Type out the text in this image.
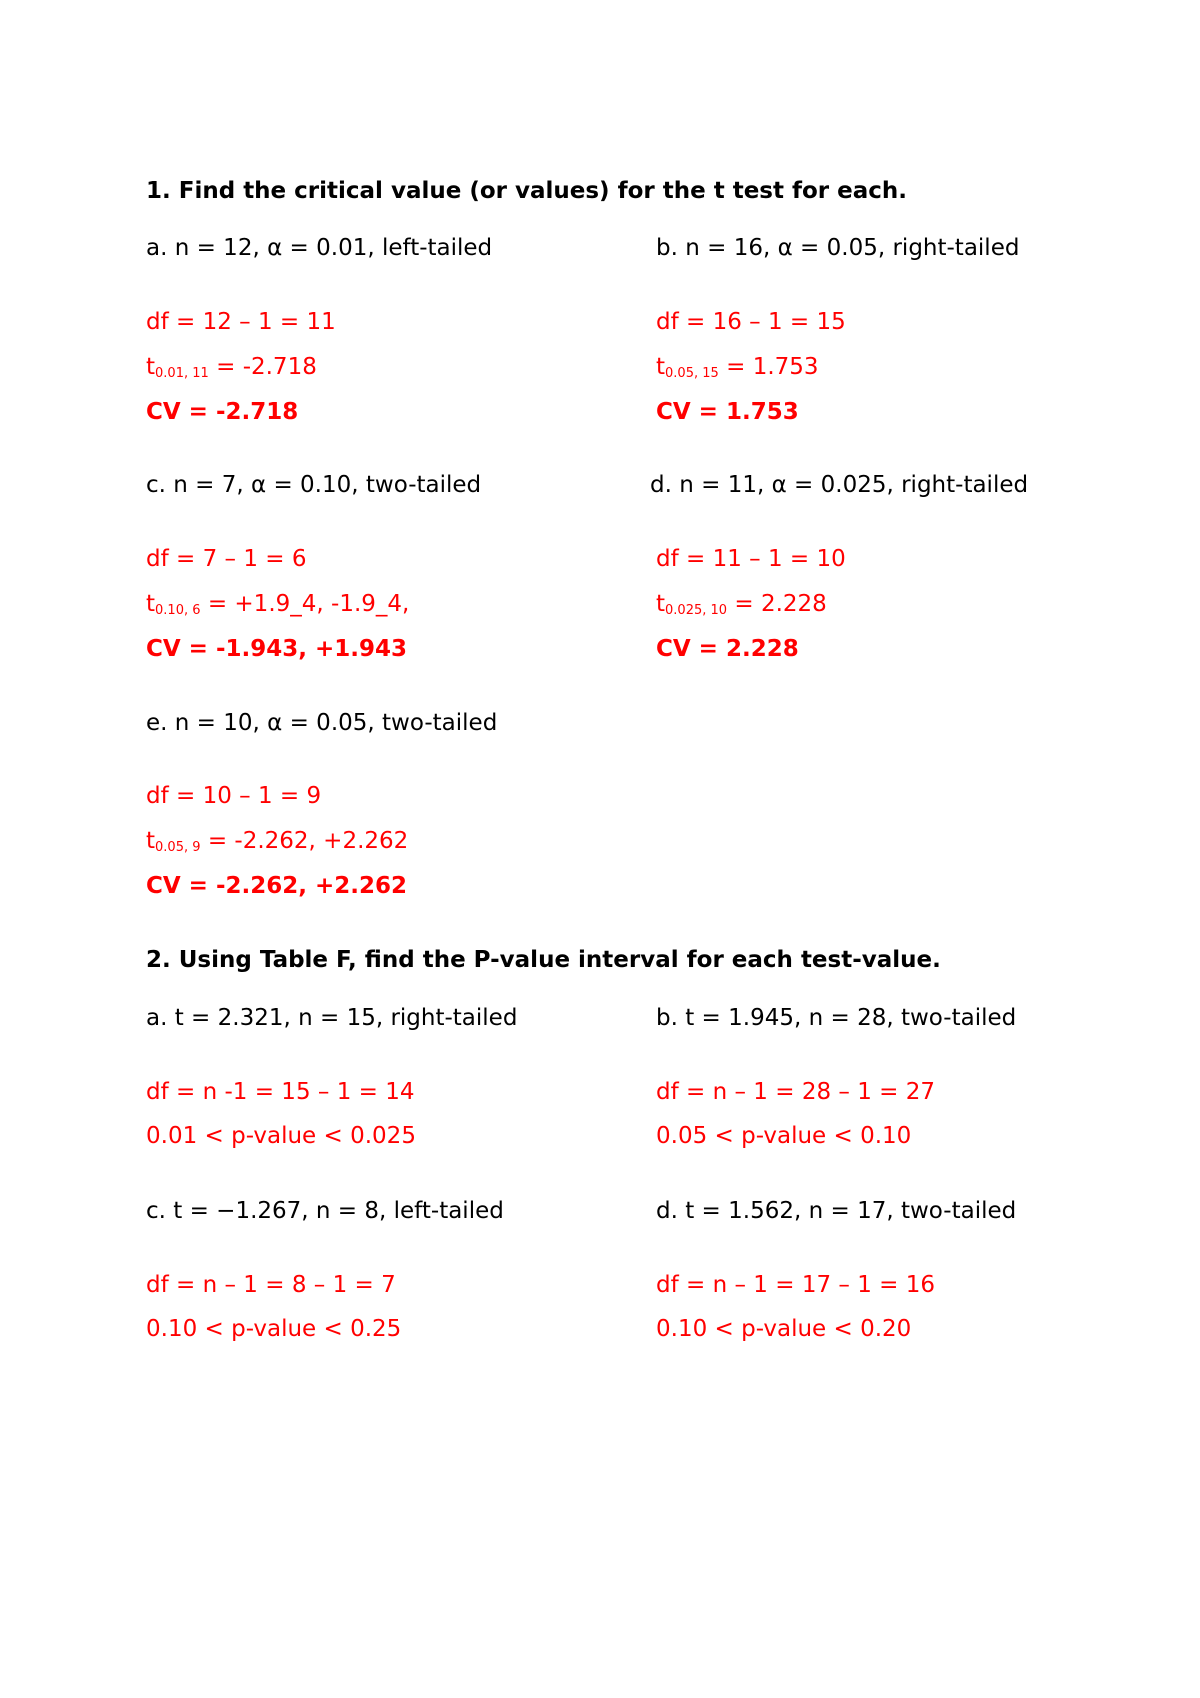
1. Find the critical value (or values) for the t test for each.
a. n = 12, α = 0.01, left-tailed
df = 12 – 1 = 11
$t_{0.01, 11} = -2.718$
CV = -2.718
b. n = 16, α = 0.05, right-tailed
df = 16 – 1 = 15
$t_{0.05, 15} = 1.753$
CV = 1.753
c. n = 7, α = 0.10, two-tailed
df = 7 – 1 = 6
$t_{0.10, 6}$ = +1.9_4, -1.9_4,
CV = -1.943, +1.943
d. n = 11, α = 0.025, right-tailed
df = 11 – 1 = 10
$t_{0.025, 10} = 2.228$
CV = 2.228
e. n = 10, α = 0.05, two-tailed
df = 10 – 1 = 9
$t_{0.05, 9} = -2.262$, +2.262
CV = -2.262, +2.262
2. Using Table F, find the P-value interval for each test-value.
a. t = 2.321, n = 15, right-tailed
df = n -1 = 15 – 1 = 14
0.01 < p-value < 0.025
b. t = 1.945, n = 28, two-tailed
df = n – 1 = 28 – 1 = 27
0.05 < p-value < 0.10
c. t = −1.267, n = 8, left-tailed
df = n – 1 = 8 – 1 = 7
0.10 < p-value < 0.25
d. t = 1.562, n = 17, two-tailed
df = n – 1 = 17 – 1 = 16
0.10 < p-value < 0.20
